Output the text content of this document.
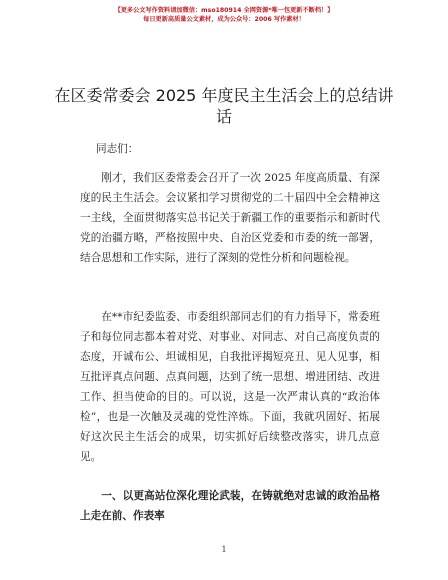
【更多公文写作资料请加微信：mso180914 全网资源*唯一包更新不断档！】
每日更新高质量公文素材，成为公众号：2006 写作素材！
在区委常委会 2025 年度民主生活会上的总结讲话
同志们：

刚才，我们区委常委会召开了一次 2025 年度高质量、有深度的民主生活会。会议紧扣学习贯彻党的二十届四中全会精神这一主线，全面贯彻落实总书记关于新疆工作的重要指示和新时代党的治疆方略，严格按照中央、自治区党委和市委的统一部署，结合思想和工作实际，进行了深刻的党性分析和问题检视。

在**市纪委监委、市委组织部同志们的有力指导下，常委班子和每位同志都本着对党、对事业、对同志、对自己高度负责的态度，开诚布公、坦诚相见，自我批评揭短亮丑、见人见事，相互批评真点问题、点真问题，达到了统一思想、增进团结、改进工作、担当使命的目的。可以说，这是一次严肃认真的“政治体检”，也是一次触及灵魂的党性淬炼。下面，我就巩固好、拓展好这次民主生活会的成果，切实抓好后续整改落实，讲几点意见。

一、以更高站位深化理论武装，在铸就绝对忠诚的政治品格上走在前、作表率

1
